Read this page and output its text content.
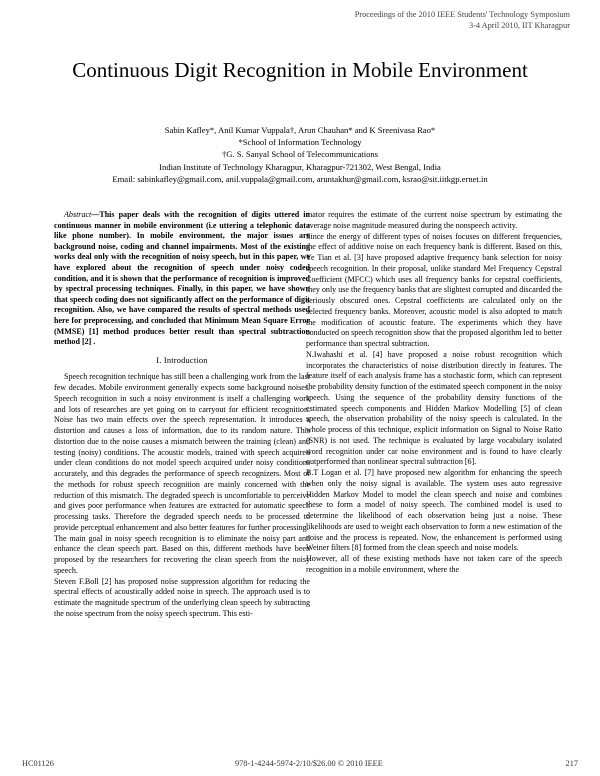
Proceedings of the 2010 IEEE Students' Technology Symposium
3-4 April 2010, IIT Kharagpur
Continuous Digit Recognition in Mobile Environment
Sabin Kafley*, Anil Kumar Vuppala†, Arun Chauhan* and K Sreenivasa Rao*
*School of Information Technology
†G. S. Sanyal School of Telecommunications
Indian Institute of Technology Kharagpur, Kharagpur-721302, West Bengal, India
Email: sabinkafley@gmail.com, anil.vuppala@gmail.com, aruntakhur@gmail.com, ksrao@sit.iitkgp.ernet.in

Abstract—This paper deals with the recognition of digits uttered in continuous manner in mobile environment (i.e uttering a telephonic data like phone number). In mobile environment, the major issues are background noise, coding and channel impairments. Most of the existing works deal only with the recognition of noisy speech, but in this paper, we have explored about the recognition of speech under noisy coded condition, and it is shown that the performance of recognition is improved by spectral processing techniques. Finally, in this paper, we have shown that speech coding does not significantly affect on the performance of digit recognition. Also, we have compared the results of spectral methods used here for preprocessing, and concluded that Minimum Mean Square Error (MMSE) [1] method produces better result than spectral subtraction method [2] .

I. Introduction

Speech recognition technique has still been a challenging work from the last few decades. Mobile environment generally expects some background noises. Speech recognition in such a noisy environment is itself a challenging work and lots of researches are yet going on to carryout for efficient recognition. Noise has two main effects over the speech representation. It introduces a distortion and causes a loss of information, due to its random nature. This distortion due to the noise causes a mismatch between the training (clean) and testing (noisy) conditions. The acoustic models, trained with speech acquired under clean conditions do not model speech acquired under noisy conditions accurately, and this degrades the performance of speech recognizers. Most of the methods for robust speech recognition are mainly concerned with the reduction of this mismatch. The degraded speech is uncomfortable to perceive and gives poor performance when features are extracted for automatic speech processing tasks. Therefore the degraded speech needs to be processed to provide perceptual enhancement and also better features for further processing.

The main goal in noisy speech recognition is to eliminate the noisy part and enhance the clean speech part. Based on this, different methods have been proposed by the researchers for recovering the clean speech from the noisy speech.

Steven F.Boll [2] has proposed noise suppression algorithm for reducing the spectral effects of acoustically added noise in speech. The approach used is to estimate the magnitude spectrum of the underlying clean speech by subtracting the noise spectrum from the noisy speech spectrum. This esti-

mator requires the estimate of the current noise spectrum by estimating the average noise magnitude measured during the nonspeech activity.

Since the energy of different types of noises focuses on different frequencies, the effect of additive noise on each frequency bank is different. Based on this, Ye Tian et al. [3] have proposed adaptive frequency bank selection for noisy speech recognition. In their proposal, unlike standard Mel Frequency Cepstral Coefficient (MFCC) which uses all frequency banks for cepstral coefficients, they only use the frequency banks that are slightest corrupted and discarded the seriously obscured ones. Cepstral coefficients are calculated only on the selected frequency banks. Moreover, acoustic model is also adopted to match the modification of acoustic feature. The experiments which they have conducted on speech recognition show that the proposed algorithm led to better performance than spectral subtraction.

N.Iwahashi et al. [4] have proposed a noise robust recognition which incorporates the characteristics of noise distribution directly in features. The feature itself of each analysis frame has a stochastic form, which can represent the probability density function of the estimated speech component in the noisy speech. Using the sequence of the probability density functions of the estimated speech components and Hidden Markov Modelling [5] of clean speech, the observation probability of the noisy speech is calculated. In the whole process of this technique, explicit information on Signal to Noise Ratio (SNR) is not used. The technique is evaluated by large vocabulary isolated word recognition under car noise environment and is found to have clearly outperformed than nonlinear spectral subtraction [6].

B.T Logan et al. [7] have proposed new algorithm for enhancing the speech when only the noisy signal is available. The system uses auto regressive Hidden Markov Model to model the clean speech and noise and combines these to form a model of noisy speech. The combined model is used to determine the likelihood of each observation being just a noise. These likelihoods are used to weight each observation to form a new estimation of the noise and the process is repeated. Now, the enhancement is performed using Weiner filters [8] formed from the clean speech and noise models.

However, all of these existing methods have not taken care of the speech recognition in a mobile environment, where the

HC01126	978-1-4244-5974-2/10/$26.00 © 2010 IEEE	217
